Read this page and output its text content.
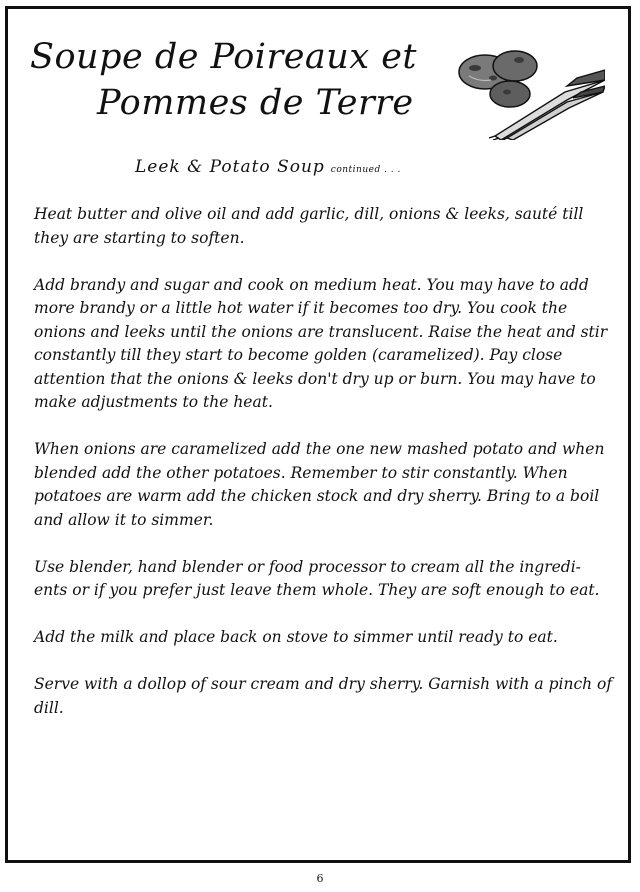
Soupe de Poireaux et
Pommes de Terre
Leek & Potato Soup continued . . .

Heat butter and olive oil and add garlic, dill, onions & leeks, sauté till they are starting to soften.

Add brandy and sugar and cook on medium heat. You may have to add more brandy or a little hot water if it becomes too dry. You cook the onions and leeks until the onions are translucent. Raise the heat and stir constantly till they start to become golden (caramelized). Pay close attention that the onions & leeks don't dry up or burn. You may have to make adjustments to the heat.

When onions are caramelized add the one new mashed potato and when blended add the other potatoes. Remember to stir constantly. When potatoes are warm add the chicken stock and dry sherry. Bring to a boil and allow it to simmer.

Use blender, hand blender or food processor to cream all the ingredi-ents or if you prefer just leave them whole. They are soft enough to eat.

Add the milk and place back on stove to simmer until ready to eat.

Serve with a dollop of sour cream and dry sherry. Garnish with a pinch of dill.

6
